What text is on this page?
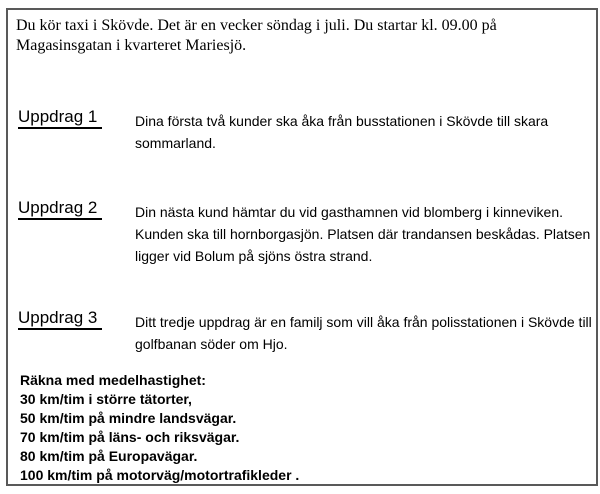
Du kör taxi i Skövde. Det är en vecker söndag i juli. Du startar kl. 09.00 på Magasinsgatan i kvarteret Mariesjö.

Uppdrag 1	Dina första två kunder ska åka från busstationen i Skövde till skara sommarland.
Uppdrag 2	Din nästa kund hämtar du vid gasthamnen vid blomberg i kinneviken. Kunden ska till hornborgasjön. Platsen där trandansen beskådas. Platsen ligger vid Bolum på sjöns östra strand.
Uppdrag 3	Ditt tredje uppdrag är en familj som vill åka från polisstationen i Skövde till golfbanan söder om Hjo.
Räkna med medelhastighet:
30 km/tim i större tätorter,
50 km/tim på mindre landsvägar.
70 km/tim på läns- och riksvägar.
80 km/tim på Europavägar.
100 km/tim på motorväg/motortrafikleder .
